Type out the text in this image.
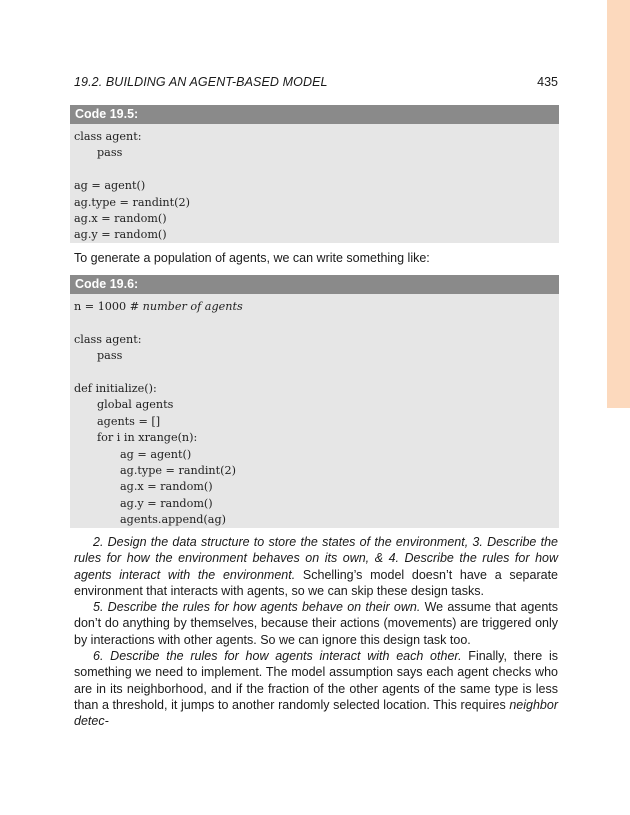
19.2. BUILDING AN AGENT-BASED MODEL	435
Code 19.5:
class agent:
pass
ag = agent()
ag.type = randint(2)
ag.x = random()
ag.y = random()
To generate a population of agents, we can write something like:
Code 19.6:
n = 1000 # number of agents
class agent:
pass
def initialize():
global agents
agents = []
for i in xrange(n):
ag = agent()
ag.type = randint(2)
ag.x = random()
ag.y = random()
agents.append(ag)

2. Design the data structure to store the states of the environment, 3. Describe the rules for how the environment behaves on its own, & 4. Describe the rules for how agents interact with the environment. Schelling’s model doesn’t have a separate environment that interacts with agents, so we can skip these design tasks.

5. Describe the rules for how agents behave on their own. We assume that agents don’t do anything by themselves, because their actions (movements) are triggered only by interactions with other agents. So we can ignore this design task too.

6. Describe the rules for how agents interact with each other. Finally, there is something we need to implement. The model assumption says each agent checks who are in its neighborhood, and if the fraction of the other agents of the same type is less than a threshold, it jumps to another randomly selected location. This requires neighbor detec-
